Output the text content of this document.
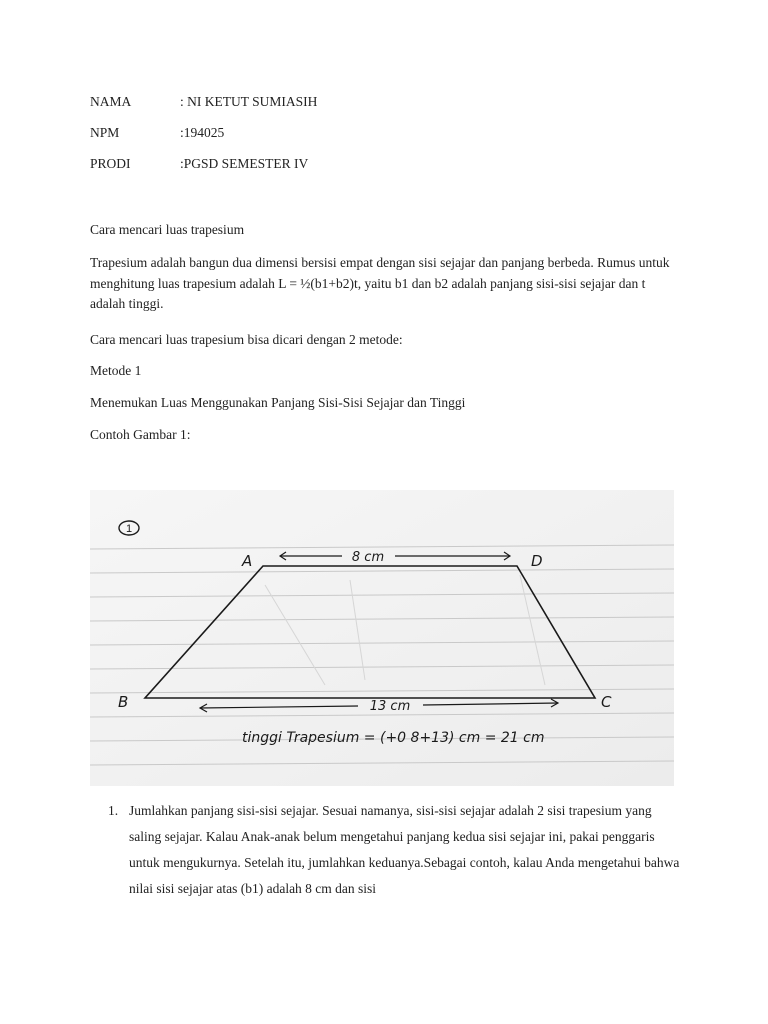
NAMA	: NI KETUT SUMIASIH
NPM	:194025
PRODI	:PGSD SEMESTER IV
Cara mencari luas trapesium
Trapesium adalah bangun dua dimensi bersisi empat dengan sisi sejajar dan panjang berbeda. Rumus untuk menghitung luas trapesium adalah L = ½(b1+b2)t, yaitu b1 dan b2 adalah panjang sisi-sisi sejajar dan t adalah tinggi.
Cara mencari luas trapesium bisa dicari dengan 2 metode:
Metode 1
Menemukan Luas Menggunakan Panjang Sisi-Sisi Sejajar dan Tinggi
Contoh Gambar 1:
1
A	D
B	C
8 cm
13 cm
tinggi Trapesium = (+0 8+13) cm = 21 cm
1. Jumlahkan panjang sisi-sisi sejajar. Sesuai namanya, sisi-sisi sejajar adalah 2 sisi trapesium yang saling sejajar. Kalau Anak-anak belum mengetahui panjang kedua sisi sejajar ini, pakai penggaris untuk mengukurnya. Setelah itu, jumlahkan keduanya.Sebagai contoh, kalau Anda mengetahui bahwa nilai sisi sejajar atas (b1) adalah 8 cm dan sisi
